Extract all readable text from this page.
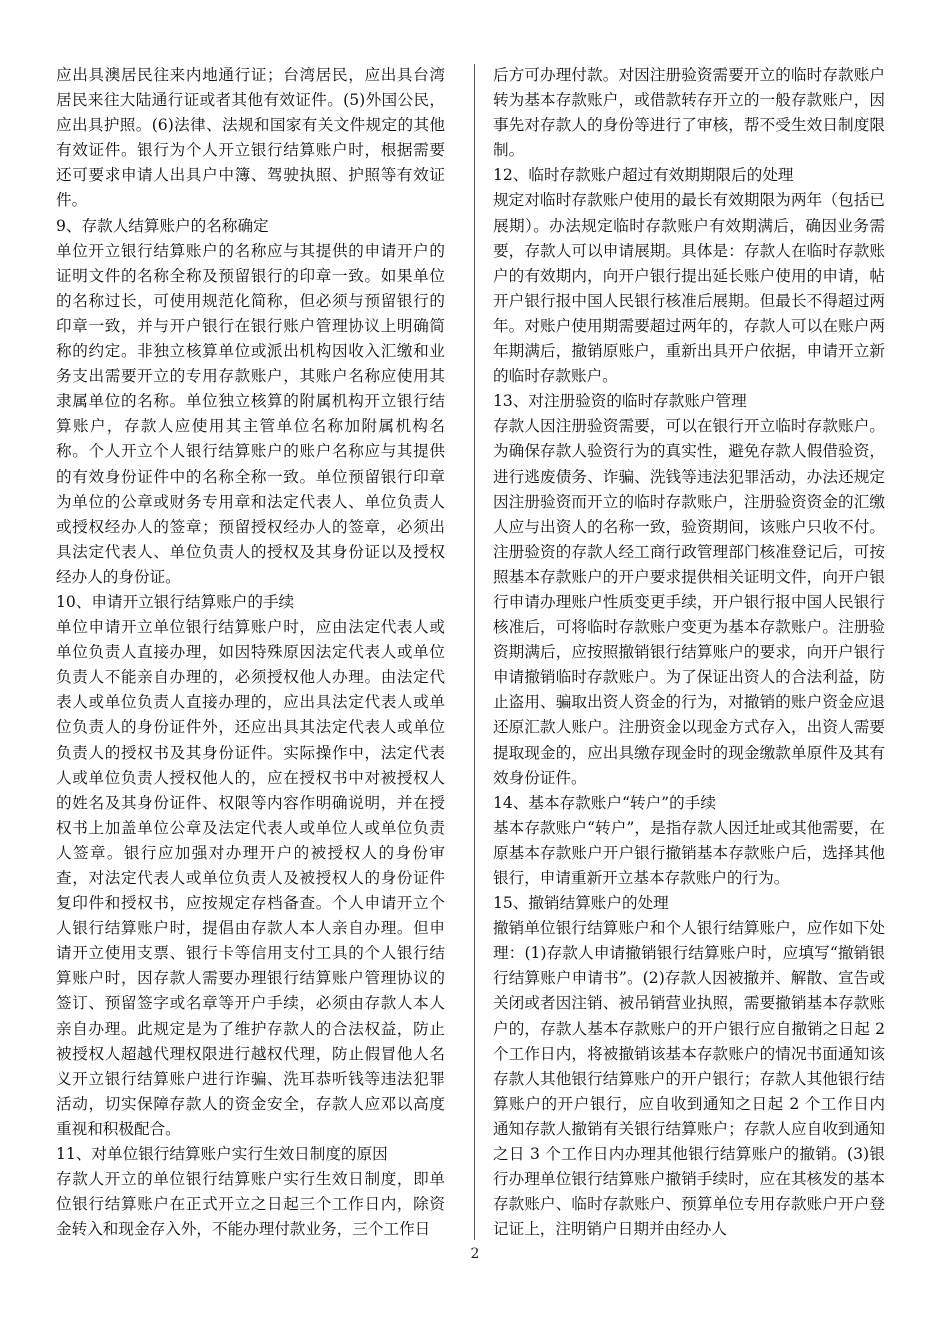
应出具澳居民往来内地通行证；台湾居民，应出具台湾居民来往大陆通行证或者其他有效证件。(5)外国公民，应出具护照。(6)法律、法规和国家有关文件规定的其他有效证件。银行为个人开立银行结算账户时，根据需要还可要求申请人出具户中簿、驾驶执照、护照等有效证件。

9、存款人结算账户的名称确定

单位开立银行结算账户的名称应与其提供的申请开户的证明文件的名称全称及预留银行的印章一致。如果单位的名称过长，可使用规范化简称，但必须与预留银行的印章一致，并与开户银行在银行账户管理协议上明确简称的约定。非独立核算单位或派出机构因收入汇缴和业务支出需要开立的专用存款账户，其账户名称应使用其隶属单位的名称。单位独立核算的附属机构开立银行结算账户，存款人应使用其主管单位名称加附属机构名称。个人开立个人银行结算账户的账户名称应与其提供的有效身份证件中的名称全称一致。单位预留银行印章为单位的公章或财务专用章和法定代表人、单位负责人或授权经办人的签章；预留授权经办人的签章，必须出具法定代表人、单位负责人的授权及其身份证以及授权经办人的身份证。

10、申请开立银行结算账户的手续

单位申请开立单位银行结算账户时，应由法定代表人或单位负责人直接办理，如因特殊原因法定代表人或单位负责人不能亲自办理的，必须授权他人办理。由法定代表人或单位负责人直接办理的，应出具法定代表人或单位负责人的身份证件外，还应出具其法定代表人或单位负责人的授权书及其身份证件。实际操作中，法定代表人或单位负责人授权他人的，应在授权书中对被授权人的姓名及其身份证件、权限等内容作明确说明，并在授权书上加盖单位公章及法定代表人或单位人或单位负责人签章。银行应加强对办理开户的被授权人的身份审查，对法定代表人或单位负责人及被授权人的身份证件复印件和授权书，应按规定存档备查。个人申请开立个人银行结算账户时，提倡由存款人本人亲自办理。但申请开立使用支票、银行卡等信用支付工具的个人银行结算账户时，因存款人需要办理银行结算账户管理协议的签订、预留签字或名章等开户手续，必须由存款人本人亲自办理。此规定是为了维护存款人的合法权益，防止被授权人超越代理权限进行越权代理，防止假冒他人名义开立银行结算账户进行诈骗、洗耳恭听钱等违法犯罪活动，切实保障存款人的资金安全，存款人应邓以高度重视和积极配合。

11、对单位银行结算账户实行生效日制度的原因

存款人开立的单位银行结算账户实行生效日制度，即单位银行结算账户在正式开立之日起三个工作日内，除资金转入和现金存入外，不能办理付款业务，三个工作日

后方可办理付款。对因注册验资需要开立的临时存款账户转为基本存款账户，或借款转存开立的一般存款账户，因事先对存款人的身份等进行了审核，帮不受生效日制度限制。

12、临时存款账户超过有效期期限后的处理

规定对临时存款账户使用的最长有效期限为两年（包括已展期）。办法规定临时存款账户有效期满后，确因业务需要，存款人可以申请展期。具体是：存款人在临时存款账户的有效期内，向开户银行提出延长账户使用的申请，帖开户银行报中国人民银行核准后展期。但最长不得超过两年。对账户使用期需要超过两年的，存款人可以在账户两年期满后，撤销原账户，重新出具开户依据，申请开立新的临时存款账户。

13、对注册验资的临时存款账户管理

存款人因注册验资需要，可以在银行开立临时存款账户。为确保存款人验资行为的真实性，避免存款人假借验资，进行逃废债务、诈骗、洗钱等违法犯罪活动，办法还规定因注册验资而开立的临时存款账户，注册验资资金的汇缴人应与出资人的名称一致，验资期间，该账户只收不付。注册验资的存款人经工商行政管理部门核准登记后，可按照基本存款账户的开户要求提供相关证明文件，向开户银行申请办理账户性质变更手续，开户银行报中国人民银行核准后，可将临时存款账户变更为基本存款账户。注册验资期满后，应按照撤销银行结算账户的要求，向开户银行申请撤销临时存款账户。为了保证出资人的合法利益，防止盗用、骗取出资人资金的行为，对撤销的账户资金应退还原汇款人账户。注册资金以现金方式存入，出资人需要提取现金的，应出具缴存现金时的现金缴款单原件及其有效身份证件。

14、基本存款账户“转户”的手续

基本存款账户“转户”，是指存款人因迁址或其他需要，在原基本存款账户开户银行撤销基本存款账户后，选择其他银行，申请重新开立基本存款账户的行为。

15、撤销结算账户的处理

撤销单位银行结算账户和个人银行结算账户，应作如下处理：(1)存款人申请撤销银行结算账户时，应填写“撤销银行结算账户申请书”。(2)存款人因被撤并、解散、宣告或关闭或者因注销、被吊销营业执照，需要撤销基本存款账户的，存款人基本存款账户的开户银行应自撤销之日起 2 个工作日内，将被撤销该基本存款账户的情况书面通知该存款人其他银行结算账户的开户银行；存款人其他银行结算账户的开户银行，应自收到通知之日起 2 个工作日内通知存款人撤销有关银行结算账户；存款人应自收到通知之日 3 个工作日内办理其他银行结算账户的撤销。(3)银行办理单位银行结算账户撤销手续时，应在其核发的基本存款账户、临时存款账户、预算单位专用存款账户开户登记证上，注明销户日期并由经办人

2
